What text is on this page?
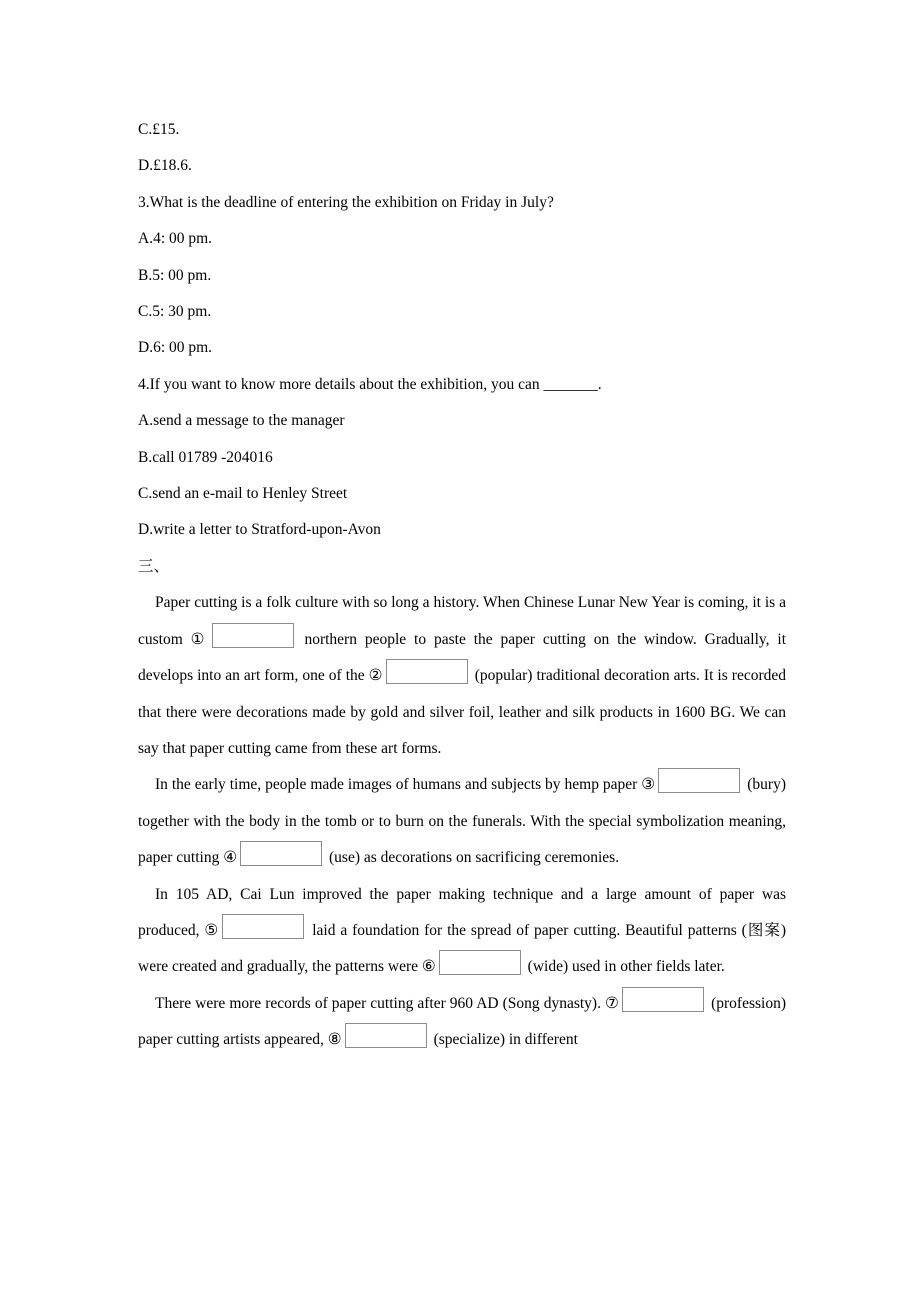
C.£15.

D.£18.6.

3.What is the deadline of entering the exhibition on Friday in July?

A.4: 00 pm.

B.5: 00 pm.

C.5: 30 pm.

D.6: 00 pm.

4.If you want to know more details about the exhibition, you can _______.

A.send a message to the manager

B.call 01789 -204016

C.send an e-mail to Henley Street

D.write a letter to Stratford-upon-Avon

三、

Paper cutting is a folk culture with so long a history. When Chinese Lunar New Year is coming, it is a custom ①	northern people to paste the paper cutting on the window. Gradually, it develops into an art form, one of the ②	(popular) traditional decoration arts. It is recorded that there were decorations made by gold and silver foil, leather and silk products in 1600 BG. We can say that paper cutting came from these art forms.

In the early time, people made images of humans and subjects by hemp paper ③	(bury) together with the body in the tomb or to burn on the funerals. With the special symbolization meaning, paper cutting ④	(use) as decorations on sacrificing ceremonies.

In 105 AD, Cai Lun improved the paper making technique and a large amount of paper was produced, ⑤	laid a foundation for the spread of paper cutting. Beautiful patterns (图案) were created and gradually, the patterns were ⑥	(wide) used in other fields later.

There were more records of paper cutting after 960 AD (Song dynasty). ⑦	(profession) paper cutting artists appeared, ⑧	(specialize) in different
